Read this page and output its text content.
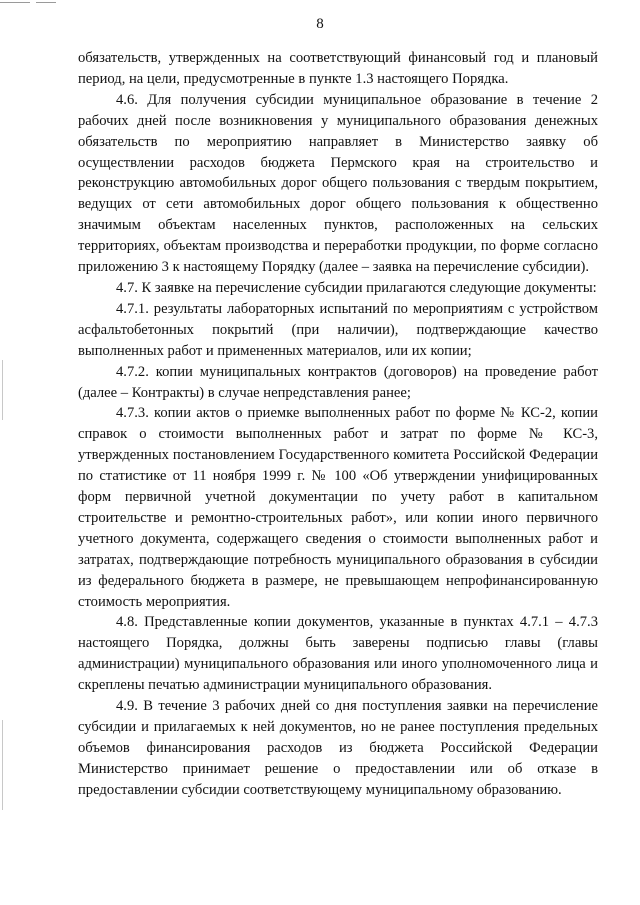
8

обязательств, утвержденных на соответствующий финансовый год и плановый период, на цели, предусмотренные в пункте 1.3 настоящего Порядка.

4.6. Для получения субсидии муниципальное образование в течение 2 рабочих дней после возникновения у муниципального образования денежных обязательств по мероприятию направляет в Министерство заявку об осуществлении расходов бюджета Пермского края на строительство и реконструкцию автомобильных дорог общего пользования с твердым покрытием, ведущих от сети автомобильных дорог общего пользования к общественно значимым объектам населенных пунктов, расположенных на сельских территориях, объектам производства и переработки продукции, по форме согласно приложению 3 к настоящему Порядку (далее – заявка на перечисление субсидии).

4.7. К заявке на перечисление субсидии прилагаются следующие документы:

4.7.1. результаты лабораторных испытаний по мероприятиям с устройством асфальтобетонных покрытий (при наличии), подтверждающие качество выполненных работ и примененных материалов, или их копии;

4.7.2. копии муниципальных контрактов (договоров) на проведение работ (далее – Контракты) в случае непредставления ранее;

4.7.3. копии актов о приемке выполненных работ по форме № КС-2, копии справок о стоимости выполненных работ и затрат по форме № КС-3, утвержденных постановлением Государственного комитета Российской Федерации по статистике от 11 ноября 1999 г. № 100 «Об утверждении унифицированных форм первичной учетной документации по учету работ в капитальном строительстве и ремонтно-строительных работ», или копии иного первичного учетного документа, содержащего сведения о стоимости выполненных работ и затратах, подтверждающие потребность муниципального образования в субсидии из федерального бюджета в размере, не превышающем непрофинансированную стоимость мероприятия.

4.8. Представленные копии документов, указанные в пунктах 4.7.1 – 4.7.3 настоящего Порядка, должны быть заверены подписью главы (главы администрации) муниципального образования или иного уполномоченного лица и скреплены печатью администрации муниципального образования.

4.9. В течение 3 рабочих дней со дня поступления заявки на перечисление субсидии и прилагаемых к ней документов, но не ранее поступления предельных объемов финансирования расходов из бюджета Российской Федерации Министерство принимает решение о предоставлении или об отказе в предоставлении субсидии соответствующему муниципальному образованию.
